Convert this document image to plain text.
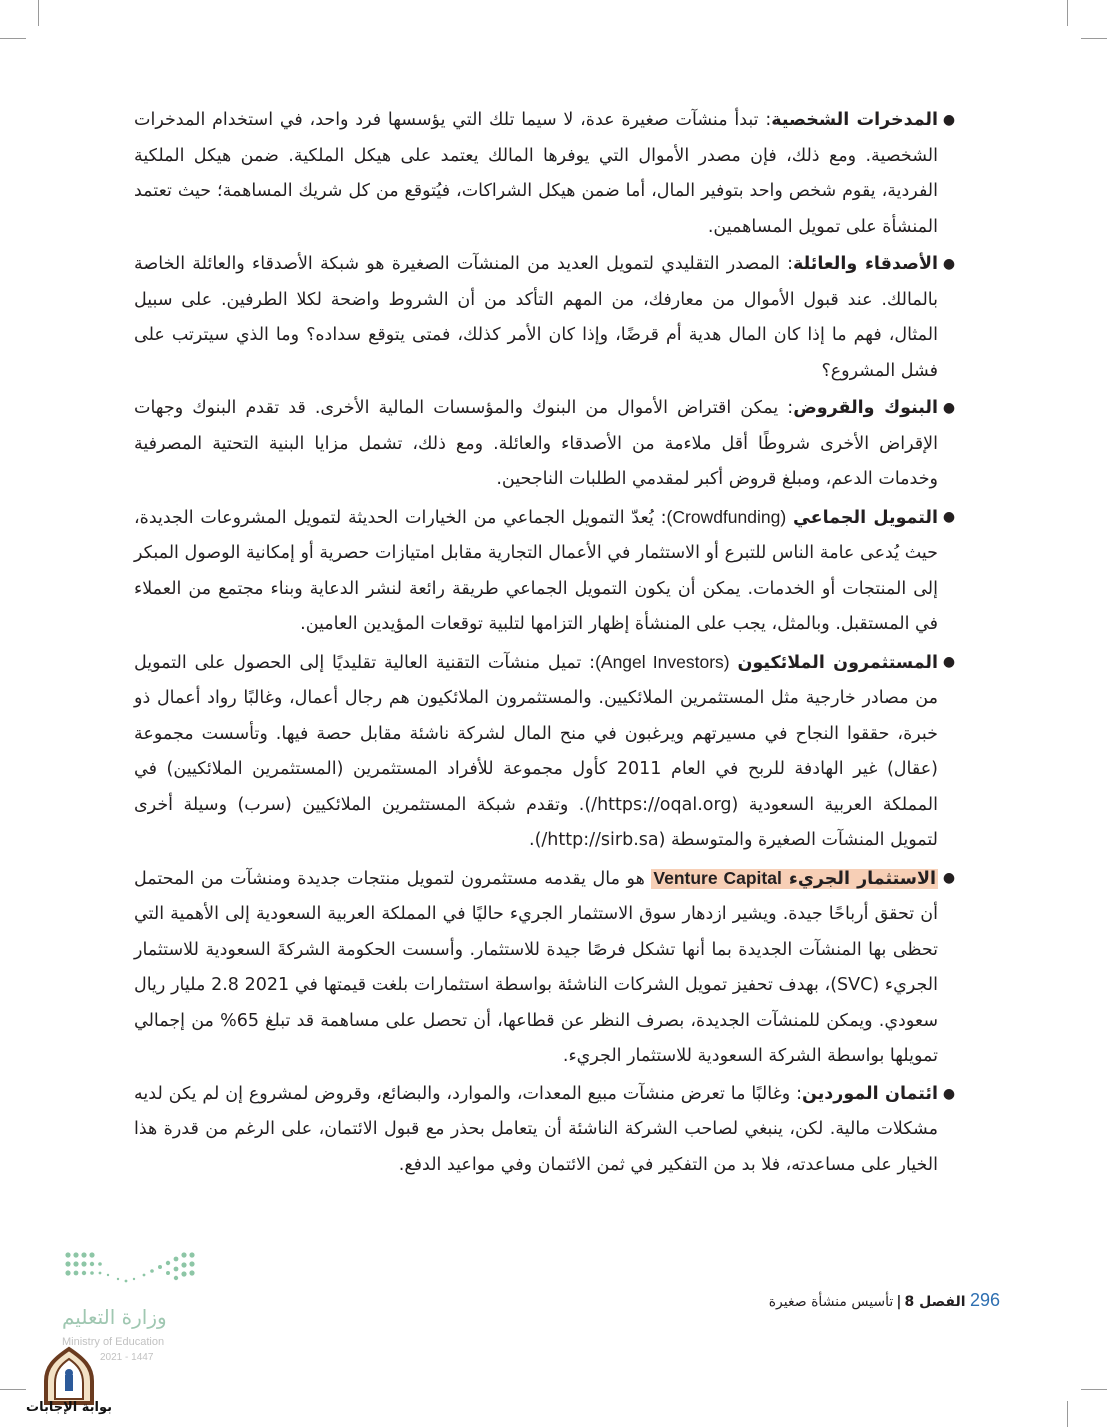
●
المدخرات الشخصية: تبدأ منشآت صغيرة عدة، لا سيما تلك التي يؤسسها فرد واحد، في استخدام المدخرات الشخصية. ومع ذلك، فإن مصدر الأموال التي يوفرها المالك يعتمد على هيكل الملكية. ضمن هيكل الملكية الفردية، يقوم شخص واحد بتوفير المال، أما ضمن هيكل الشراكات، فيُتوقع من كل شريك المساهمة؛ حيث تعتمد المنشأة على تمويل المساهمين.
●
الأصدقاء والعائلة: المصدر التقليدي لتمويل العديد من المنشآت الصغيرة هو شبكة الأصدقاء والعائلة الخاصة بالمالك. عند قبول الأموال من معارفك، من المهم التأكد من أن الشروط واضحة لكلا الطرفين. على سبيل المثال، فهم ما إذا كان المال هدية أم قرضًا، وإذا كان الأمر كذلك، فمتى يتوقع سداده؟ وما الذي سيترتب على فشل المشروع؟
●
البنوك والقروض: يمكن اقتراض الأموال من البنوك والمؤسسات المالية الأخرى. قد تقدم البنوك وجهات الإقراض الأخرى شروطًا أقل ملاءمة من الأصدقاء والعائلة. ومع ذلك، تشمل مزايا البنية التحتية المصرفية وخدمات الدعم، ومبلغ قروض أكبر لمقدمي الطلبات الناجحين.
●
التمويل الجماعي (Crowdfunding): يُعدّ التمويل الجماعي من الخيارات الحديثة لتمويل المشروعات الجديدة، حيث يُدعى عامة الناس للتبرع أو الاستثمار في الأعمال التجارية مقابل امتيازات حصرية أو إمكانية الوصول المبكر إلى المنتجات أو الخدمات. يمكن أن يكون التمويل الجماعي طريقة رائعة لنشر الدعاية وبناء مجتمع من العملاء في المستقبل. وبالمثل، يجب على المنشأة إظهار التزامها لتلبية توقعات المؤيدين العامين.
●
المستثمرون الملائكيون (Angel Investors): تميل منشآت التقنية العالية تقليديًا إلى الحصول على التمويل من مصادر خارجية مثل المستثمرين الملائكيين. والمستثمرون الملائكيون هم رجال أعمال، وغالبًا رواد أعمال ذو خبرة، حققوا النجاح في مسيرتهم ويرغبون في منح المال لشركة ناشئة مقابل حصة فيها. وتأسست مجموعة (عقال) غير الهادفة للربح في العام 2011 كأول مجموعة للأفراد المستثمرين (المستثمرين الملائكيين) في المملكة العربية السعودية (https://oqal.org/). وتقدم شبكة المستثمرين الملائكيين (سرب) وسيلة أخرى لتمويل المنشآت الصغيرة والمتوسطة (http://sirb.sa/).
●
الاستثمار الجريء Venture Capital هو مال يقدمه مستثمرون لتمويل منتجات جديدة ومنشآت من المحتمل أن تحقق أرباحًا جيدة. ويشير ازدهار سوق الاستثمار الجريء حاليًا في المملكة العربية السعودية إلى الأهمية التي تحظى بها المنشآت الجديدة بما أنها تشكل فرصًا جيدة للاستثمار. وأسست الحكومة الشركةَ السعودية للاستثمار الجريء (SVC)، بهدف تحفيز تمويل الشركات الناشئة بواسطة استثمارات بلغت قيمتها في 2021 2.8 مليار ريال سعودي. ويمكن للمنشآت الجديدة، بصرف النظر عن قطاعها، أن تحصل على مساهمة قد تبلغ 65% من إجمالي تمويلها بواسطة الشركة السعودية للاستثمار الجريء.
●
ائتمان الموردين: وغالبًا ما تعرض منشآت مبيع المعدات، والموارد، والبضائع، وقروض لمشروع إن لم يكن لديه مشكلات مالية. لكن، ينبغي لصاحب الشركة الناشئة أن يتعامل بحذر مع قبول الائتمان، على الرغم من قدرة هذا الخيار على مساعدته، فلا بد من التفكير في ثمن الائتمان وفي مواعيد الدفع.
296 الفصل 8|تأسيس منشأة صغيرة
وزارة التعليم
Ministry of Education
2021 - 1447
بوابة الإجابات
